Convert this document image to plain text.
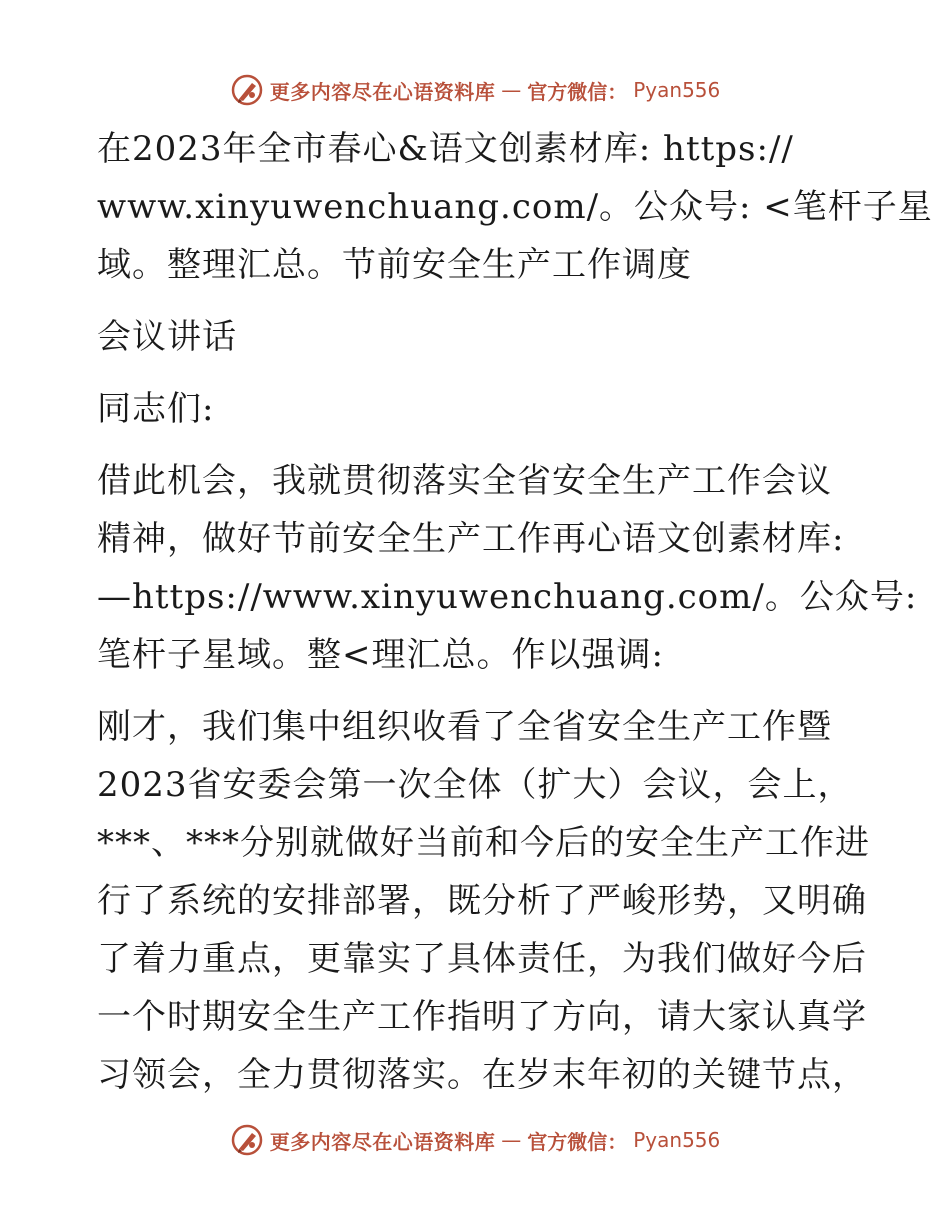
更多内容尽在心语资料库 — 官方微信： Pyan556
在2023年全市春心&语文创素材库: https://
www.xinyuwenchuang.com/。公众号: <笔杆子星
域。整理汇总。节前安全生产工作调度
会议讲话
同志们:
借此机会，我就贯彻落实全省安全生产工作会议
精神，做好节前安全生产工作再心语文创素材库:
—https://www.xinyuwenchuang.com/。公众号:
笔杆子星域。整<理汇总。作以强调:
刚才，我们集中组织收看了全省安全生产工作暨
2023省安委会第一次全体（扩大）会议，会上，
***、***分别就做好当前和今后的安全生产工作进
行了系统的安排部署，既分析了严峻形势，又明确
了着力重点，更靠实了具体责任，为我们做好今后
一个时期安全生产工作指明了方向，请大家认真学
习领会，全力贯彻落实。在岁末年初的关键节点，
更多内容尽在心语资料库 — 官方微信： Pyan556
